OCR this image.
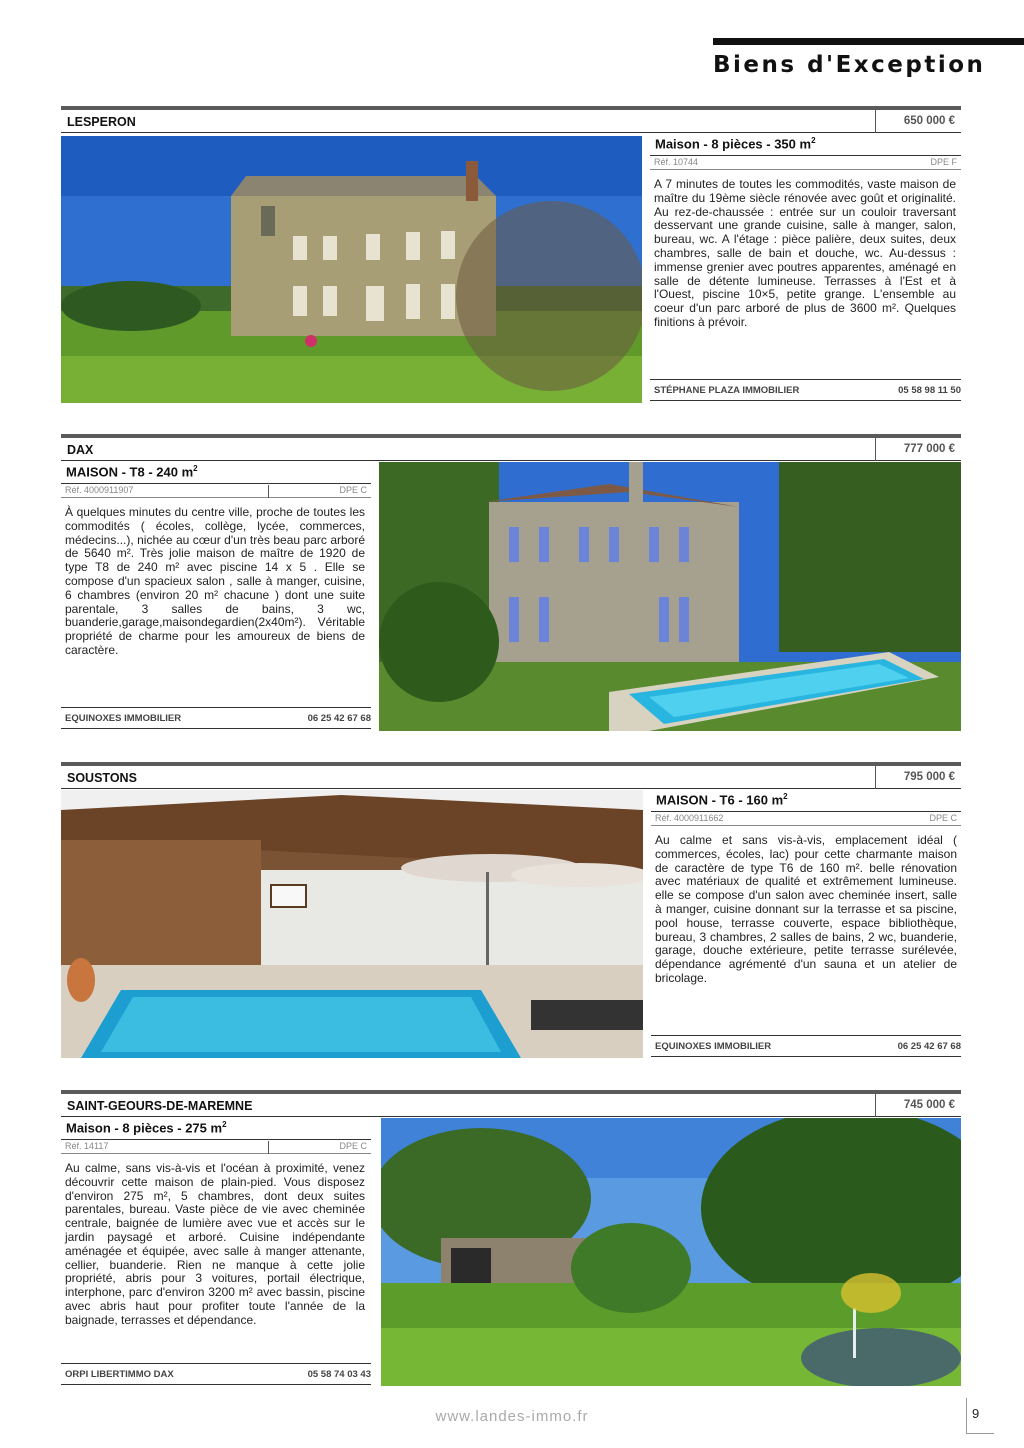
Biens d'Exception
LESPERON	650 000 €
Maison - 8 pièces - 350 $m^2$
Réf. 10744	DPE F
A 7 minutes de toutes les commodités, vaste maison de maître du 19ème siècle rénovée avec goût et originalité. Au rez-de-chaussée : entrée sur un couloir traversant desservant une grande cuisine, salle à manger, salon, bureau, wc. A l'étage : pièce palière, deux suites, deux chambres, salle de bain et douche, wc. Au-dessus : immense grenier avec poutres apparentes, aménagé en salle de détente lumineuse. Terrasses à l'Est et à l'Ouest, piscine 10×5, petite grange. L'ensemble au coeur d'un parc arboré de plus de 3600 m². Quelques finitions à prévoir.
STÉPHANE PLAZA IMMOBILIER	05 58 98 11 50
DAX	777 000 €
MAISON - T8 - 240 $m^2$
Réf. 4000911907	DPE C
À quelques minutes du centre ville, proche de toutes les commodités ( écoles, collège, lycée, commerces, médecins...), nichée au cœur d'un très beau parc arboré de 5640 m². Très jolie maison de maître de 1920 de type T8 de 240 m² avec piscine 14 x 5 . Elle se compose d'un spacieux salon , salle à manger, cuisine, 6 chambres (environ 20 m² chacune ) dont une suite parentale, 3 salles de bains, 3 wc, buanderie,garage,maisondegardien(2x40m²). Véritable propriété de charme pour les amoureux de biens de caractère.
EQUINOXES IMMOBILIER	06 25 42 67 68
SOUSTONS	795 000 €
MAISON - T6 - 160 $m^2$
Réf. 4000911662	DPE C
Au calme et sans vis-à-vis, emplacement idéal ( commerces, écoles, lac) pour cette charmante maison de caractère de type T6 de 160 m². belle rénovation avec matériaux de qualité et extrêmement lumineuse. elle se compose d'un salon avec cheminée insert, salle à manger, cuisine donnant sur la terrasse et sa piscine, pool house, terrasse couverte, espace bibliothèque, bureau, 3 chambres, 2 salles de bains, 2 wc, buanderie, garage, douche extérieure, petite terrasse surélevée, dépendance agrémenté d'un sauna et un atelier de bricolage.
EQUINOXES IMMOBILIER	06 25 42 67 68
SAINT-GEOURS-DE-MAREMNE	745 000 €
Maison - 8 pièces - 275 $m^2$
Réf. 14117	DPE C
Au calme, sans vis-à-vis et l'océan à proximité, venez découvrir cette maison de plain-pied. Vous disposez d'environ 275 m², 5 chambres, dont deux suites parentales, bureau. Vaste pièce de vie avec cheminée centrale, baignée de lumière avec vue et accès sur le jardin paysagé et arboré. Cuisine indépendante aménagée et équipée, avec salle à manger attenante, cellier, buanderie. Rien ne manque à cette jolie propriété, abris pour 3 voitures, portail électrique, interphone, parc d'environ 3200 m² avec bassin, piscine avec abris haut pour profiter toute l'année de la baignade, terrasses et dépendance.
ORPI LIBERTIMMO DAX	05 58 74 03 43
www.landes-immo.fr	9
